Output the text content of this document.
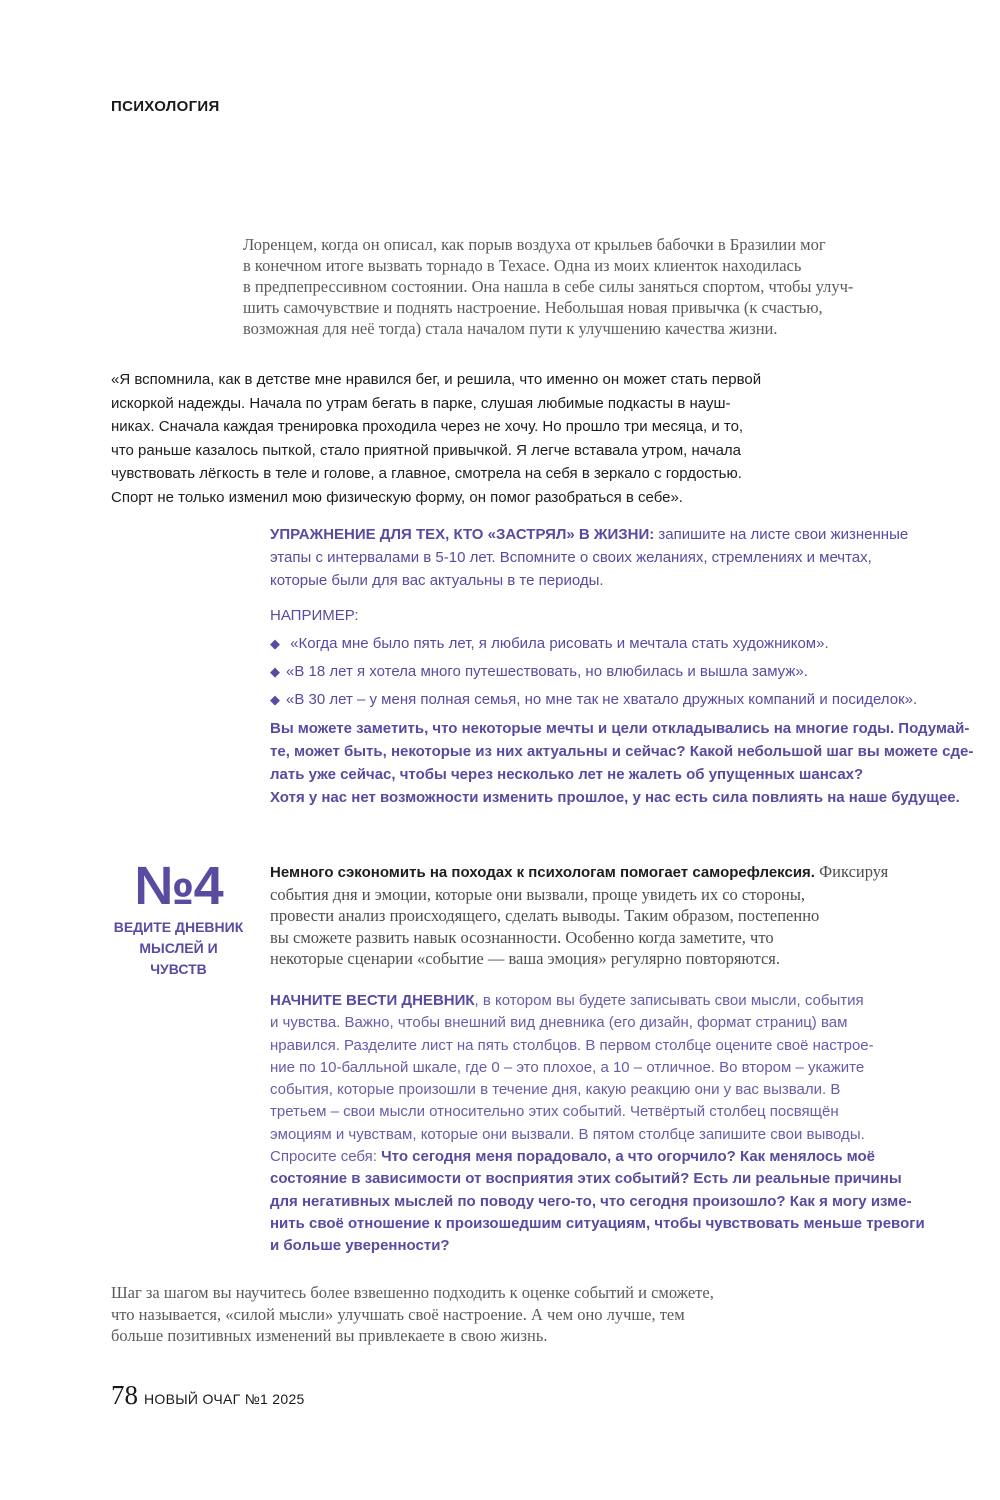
ПСИХОЛОГИЯ

Лоренцем, когда он описал, как порыв воздуха от крыльев бабочки в Бразилии мог

в конечном итоге вызвать торнадо в Техасе. Одна из моих клиенток находилась

в предпепрессивном состоянии. Она нашла в себе силы заняться спортом, чтобы улуч-

шить самочувствие и поднять настроение. Небольшая новая привычка (к счастью,

возможная для неё тогда) стала началом пути к улучшению качества жизни.

«Я вспомнила, как в детстве мне нравился бег, и решила, что именно он может стать первой
искоркой надежды. Начала по утрам бегать в парке, слушая любимые подкасты в науш-
никах. Сначала каждая тренировка проходила через не хочу. Но прошло три месяца, и то,
что раньше казалось пыткой, стало приятной привычкой. Я легче вставала утром, начала
чувствовать лёгкость в теле и голове, а главное, смотрела на себя в зеркало с гордостью.
Спорт не только изменил мою физическую форму, он помог разобраться в себе».

УПРАЖНЕНИЕ ДЛЯ ТЕХ, КТО «ЗАСТРЯЛ» В ЖИЗНИ: запишите на листе свои жизненные

этапы с интервалами в 5-10 лет. Вспомните о своих желаниях, стремлениях и мечтах,

которые были для вас актуальны в те периоды.

НАПРИМЕР:

◆ «Когда мне было пять лет, я любила рисовать и мечтала стать художником».

◆ «В 18 лет я хотела много путешествовать, но влюбилась и вышла замуж».

◆ «В 30 лет – у меня полная семья, но мне так не хватало дружных компаний и посиделок».

Вы можете заметить, что некоторые мечты и цели откладывались на многие годы. Подумай-

те, может быть, некоторые из них актуальны и сейчас? Какой небольшой шаг вы можете сде-

лать уже сейчас, чтобы через несколько лет не жалеть об упущенных шансах?

Хотя у нас нет возможности изменить прошлое, у нас есть сила повлиять на наше будущее.

№4
ВЕДИТЕ ДНЕВНИК
МЫСЛЕЙ И ЧУВСТВ
Немного сэкономить на походах к психологам помогает саморефлексия. Фиксируя
события дня и эмоции, которые они вызвали, проще увидеть их со стороны,
провести анализ происходящего, сделать выводы. Таким образом, постепенно
вы сможете развить навык осознанности. Особенно когда заметите, что
некоторые сценарии «событие — ваша эмоция» регулярно повторяются.
НАЧНИТЕ ВЕСТИ ДНЕВНИК, в котором вы будете записывать свои мысли, события
и чувства. Важно, чтобы внешний вид дневника (его дизайн, формат страниц) вам
нравился. Разделите лист на пять столбцов. В первом столбце оцените своё настрое-
ние по 10-балльной шкале, где 0 – это плохое, а 10 – отличное. Во втором – укажите
события, которые произошли в течение дня, какую реакцию они у вас вызвали. В
третьем – свои мысли относительно этих событий. Четвёртый столбец посвящён
эмоциям и чувствам, которые они вызвали. В пятом столбце запишите свои выводы.
Спросите себя: Что сегодня меня порадовало, а что огорчило? Как менялось моё
состояние в зависимости от восприятия этих событий? Есть ли реальные причины
для негативных мыслей по поводу чего-то, что сегодня произошло? Как я могу изме-
нить своё отношение к произошедшим ситуациям, чтобы чувствовать меньше тревоги
и больше уверенности?
Шаг за шагом вы научитесь более взвешенно подходить к оценке событий и сможете,
что называется, «силой мысли» улучшать своё настроение. А чем оно лучше, тем
больше позитивных изменений вы привлекаете в свою жизнь.
78 НОВЫЙ ОЧАГ №1 2025
